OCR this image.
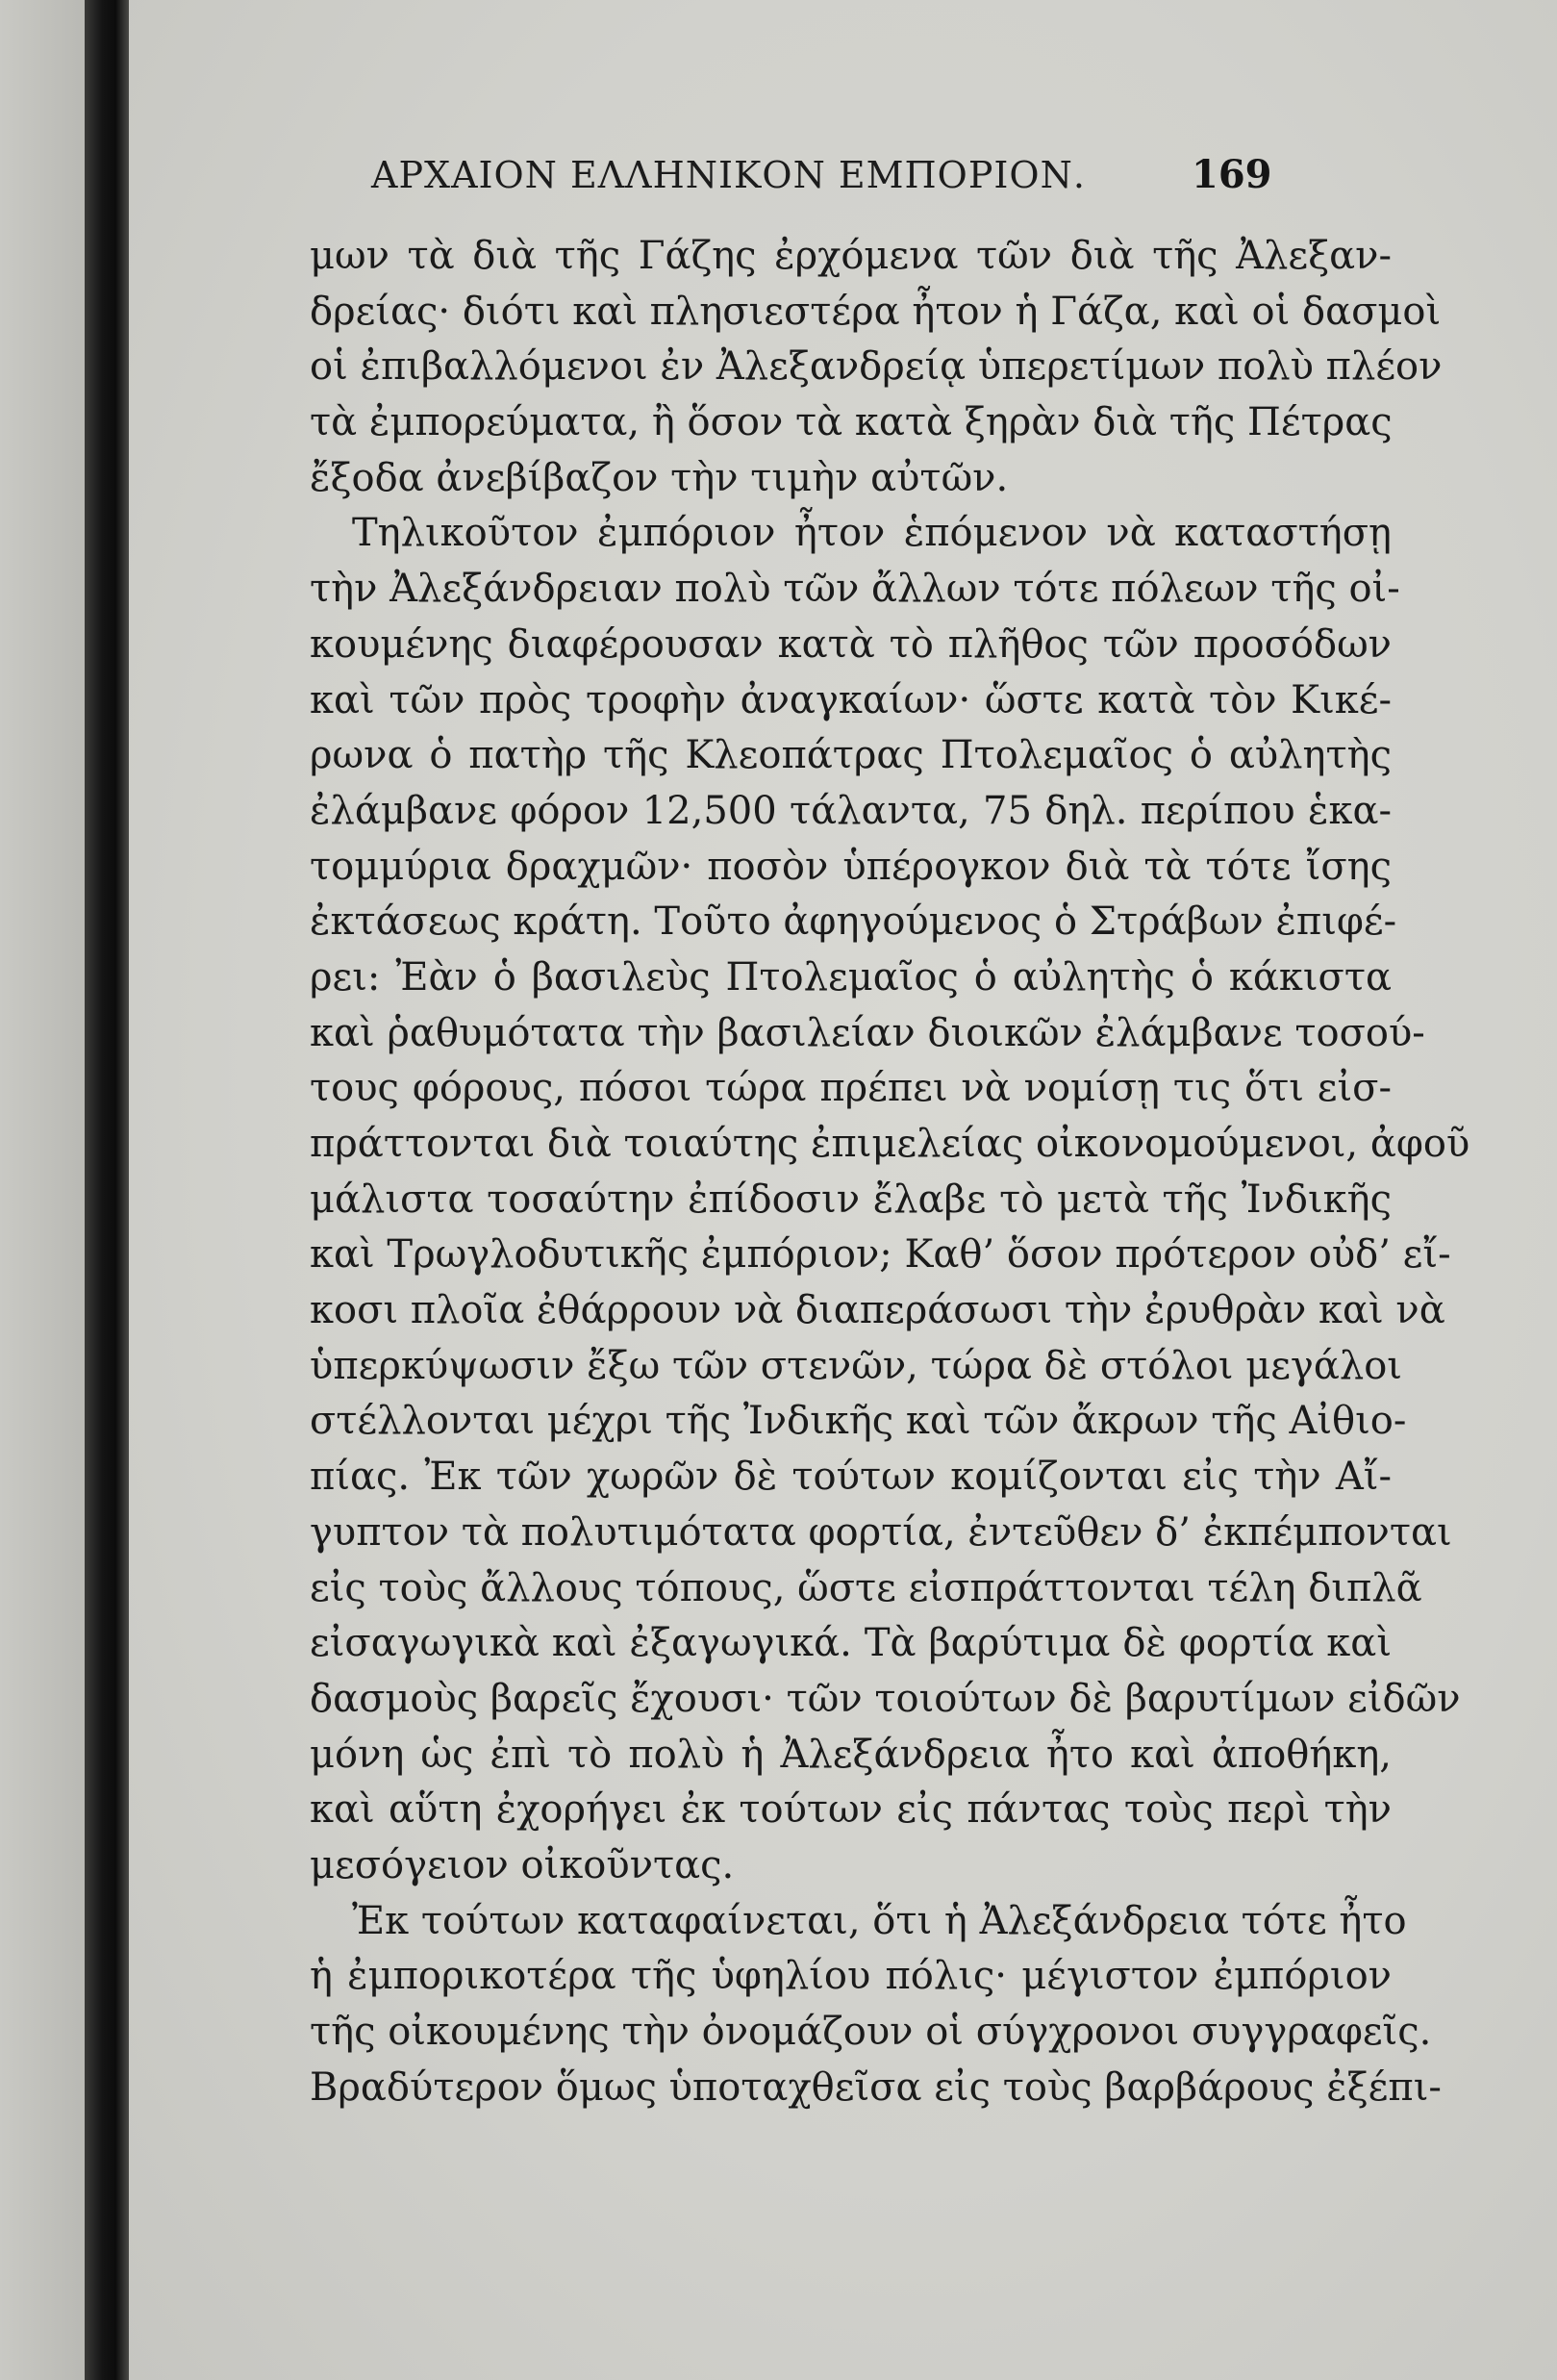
ΑΡΧΑΙΟΝ ΕΛΛΗΝΙΚΟΝ ΕΜΠΟΡΙΟΝ.	169
μων τὰ διὰ τῆς Γάζης ἐρχόμενα τῶν διὰ τῆς Ἀλεξαν-
δρείας· διότι καὶ πλησιεστέρα ἦτον ἡ Γάζα, καὶ οἱ δασμοὶ
οἱ ἐπιβαλλόμενοι ἐν Ἀλεξανδρείᾳ ὑπερετίμων πολὺ πλέον
τὰ ἐμπορεύματα, ἢ ὅσον τὰ κατὰ ξηρὰν διὰ τῆς Πέτρας
ἔξοδα ἀνεβίβαζον τὴν τιμὴν αὐτῶν.
Τηλικοῦτον ἐμπόριον ἦτον ἑπόμενον νὰ καταστήσῃ
τὴν Ἀλεξάνδρειαν πολὺ τῶν ἄλλων τότε πόλεων τῆς οἰ-
κουμένης διαφέρουσαν κατὰ τὸ πλῆθος τῶν προσόδων
καὶ τῶν πρὸς τροφὴν ἀναγκαίων· ὥστε κατὰ τὸν Κικέ-
ρωνα ὁ πατὴρ τῆς Κλεοπάτρας Πτολεμαῖος ὁ αὐλητὴς
ἐλάμβανε φόρον 12,500 τάλαντα, 75 δηλ. περίπου ἑκα-
τομμύρια δραχμῶν· ποσὸν ὑπέρογκον διὰ τὰ τότε ἴσης
ἐκτάσεως κράτη. Τοῦτο ἀφηγούμενος ὁ Στράβων ἐπιφέ-
ρει: Ἐὰν ὁ βασιλεὺς Πτολεμαῖος ὁ αὐλητὴς ὁ κάκιστα
καὶ ῥαθυμότατα τὴν βασιλείαν διοικῶν ἐλάμβανε τοσού-
τους φόρους, πόσοι τώρα πρέπει νὰ νομίσῃ τις ὅτι εἰσ-
πράττονται διὰ τοιαύτης ἐπιμελείας οἰκονομούμενοι, ἀφοῦ
μάλιστα τοσαύτην ἐπίδοσιν ἔλαβε τὸ μετὰ τῆς Ἰνδικῆς
καὶ Τρωγλοδυτικῆς ἐμπόριον; Καθ’ ὅσον πρότερον οὐδ’ εἴ-
κοσι πλοῖα ἐθάρρουν νὰ διαπεράσωσι τὴν ἐρυθρὰν καὶ νὰ
ὑπερκύψωσιν ἔξω τῶν στενῶν, τώρα δὲ στόλοι μεγάλοι
στέλλονται μέχρι τῆς Ἰνδικῆς καὶ τῶν ἄκρων τῆς Αἰθιο-
πίας. Ἐκ τῶν χωρῶν δὲ τούτων κομίζονται εἰς τὴν Αἴ-
γυπτον τὰ πολυτιμότατα φορτία, ἐντεῦθεν δ’ ἐκπέμπονται
εἰς τοὺς ἄλλους τόπους, ὥστε εἰσπράττονται τέλη διπλᾶ
εἰσαγωγικὰ καὶ ἐξαγωγικά. Τὰ βαρύτιμα δὲ φορτία καὶ
δασμοὺς βαρεῖς ἔχουσι· τῶν τοιούτων δὲ βαρυτίμων εἰδῶν
μόνη ὡς ἐπὶ τὸ πολὺ ἡ Ἀλεξάνδρεια ἦτο καὶ ἀποθήκη,
καὶ αὕτη ἐχορήγει ἐκ τούτων εἰς πάντας τοὺς περὶ τὴν
μεσόγειον οἰκοῦντας.
Ἐκ τούτων καταφαίνεται, ὅτι ἡ Ἀλεξάνδρεια τότε ἦτο
ἡ ἐμπορικοτέρα τῆς ὑφηλίου πόλις· μέγιστον ἐμπόριον
τῆς οἰκουμένης τὴν ὀνομάζουν οἱ σύγχρονοι συγγραφεῖς.
Βραδύτερον ὅμως ὑποταχθεῖσα εἰς τοὺς βαρβάρους ἐξέπι-
